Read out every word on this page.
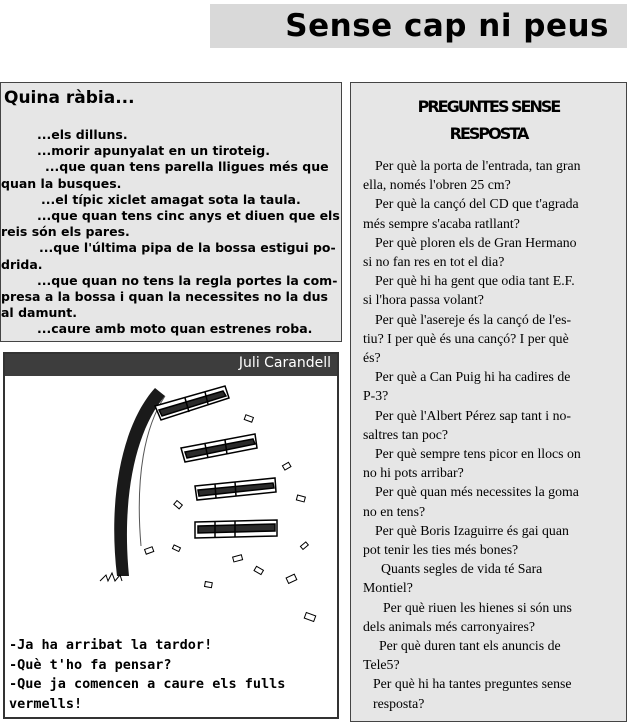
Sense cap ni peus
Quina ràbia...
...els dilluns.
...morir apunyalat en un tiroteig.
...que quan tens parella lligues més que
quan la busques.
...el típic xiclet amagat sota la taula.
...que quan tens cinc anys et diuen que els
reis són els pares.
...que l'última pipa de la bossa estigui po-
drida.
...que quan no tens la regla portes la com-
presa a la bossa i quan la necessites no la dus
al damunt.
...caure amb moto quan estrenes roba.
Juli Carandell
-Ja ha arribat la tardor!
-Què t'ho fa pensar?
-Que ja comencen a caure els fulls
vermells!
PREGUNTES SENSE
RESPOSTA
Per què la porta de l'entrada, tan gran
ella, només l'obren 25 cm?
Per què la cançó del CD que t'agrada
més sempre s'acaba ratllant?
Per què ploren els de Gran Hermano
si no fan res en tot el dia?
Per què hi ha gent que odia tant E.F.
si l'hora passa volant?
Per què l'asereje és la cançó de l'es-
tiu? I per què és una cançó? I per què
és?
Per què a Can Puig hi ha cadires de
P-3?
Per què l'Albert Pérez sap tant i no-
saltres tan poc?
Per què sempre tens picor en llocs on
no hi pots arribar?
Per què quan més necessites la goma
no en tens?
Per què Boris Izaguirre és gai quan
pot tenir les ties més bones?
Quants segles de vida té Sara
Montiel?
Per què riuen les hienes si són uns
dels animals més carronyaires?
Per què duren tant els anuncis de
Tele5?
Per què hi ha tantes preguntes sense
resposta?
